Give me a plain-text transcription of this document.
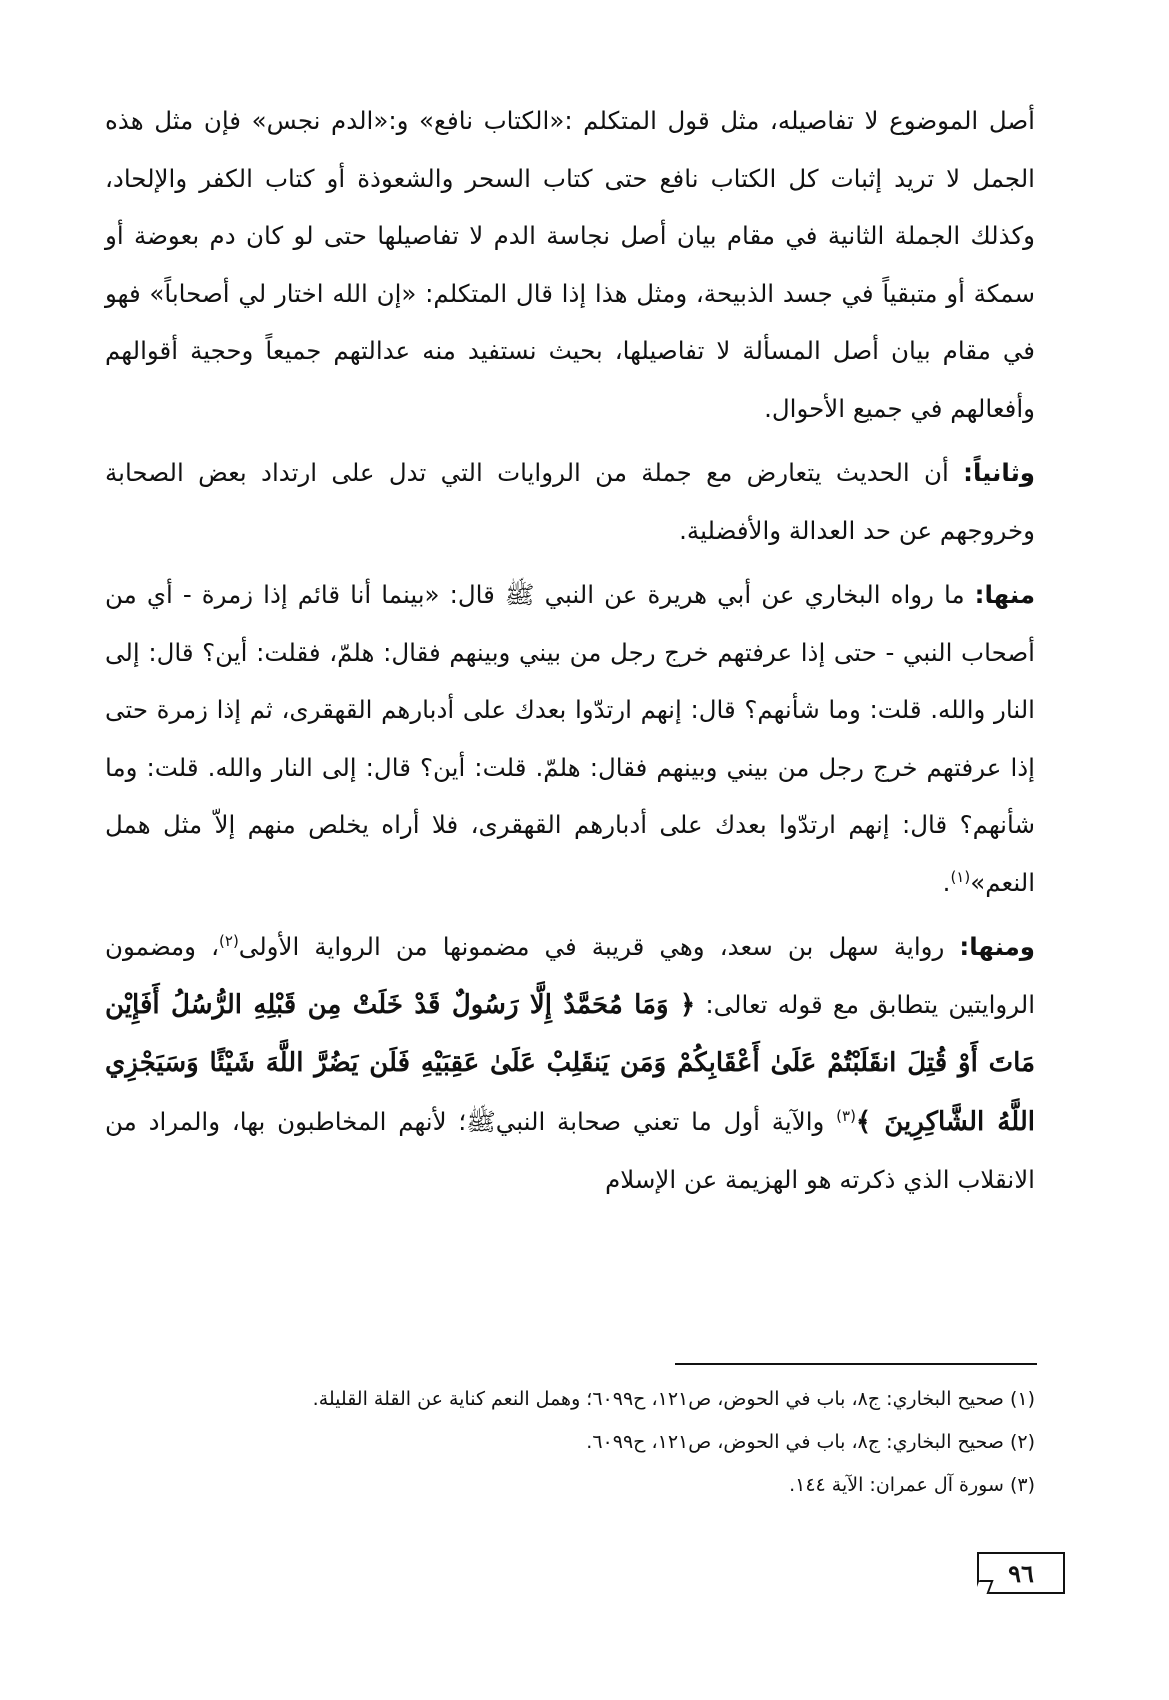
أصل الموضوع لا تفاصيله، مثل قول المتكلم :«الكتاب نافع» و:«الدم نجس» فإن مثل هذه الجمل لا تريد إثبات كل الكتاب نافع حتى كتاب السحر والشعوذة أو كتاب الكفر والإلحاد، وكذلك الجملة الثانية في مقام بيان أصل نجاسة الدم لا تفاصيلها حتى لو كان دم بعوضة أو سمكة أو متبقياً في جسد الذبيحة، ومثل هذا إذا قال المتكلم: «إن الله اختار لي أصحاباً» فهو في مقام بيان أصل المسألة لا تفاصيلها، بحيث نستفيد منه عدالتهم جميعاً وحجية أقوالهم وأفعالهم في جميع الأحوال.

وثانياً: أن الحديث يتعارض مع جملة من الروايات التي تدل على ارتداد بعض الصحابة وخروجهم عن حد العدالة والأفضلية.

منها: ما رواه البخاري عن أبي هريرة عن النبي ﷺ قال: «بينما أنا قائم إذا زمرة - أي من أصحاب النبي - حتى إذا عرفتهم خرج رجل من بيني وبينهم فقال: هلمّ، فقلت: أين؟ قال: إلى النار والله. قلت: وما شأنهم؟ قال: إنهم ارتدّوا بعدك على أدبارهم القهقرى، ثم إذا زمرة حتى إذا عرفتهم خرج رجل من بيني وبينهم فقال: هلمّ. قلت: أين؟ قال: إلى النار والله. قلت: وما شأنهم؟ قال: إنهم ارتدّوا بعدك على أدبارهم القهقرى، فلا أراه يخلص منهم إلاّ مثل همل النعم»$^{(١)}$.

ومنها: رواية سهل بن سعد، وهي قريبة في مضمونها من الرواية الأولى$^{(٢)}$، ومضمون الروايتين يتطابق مع قوله تعالى: ﴿ وَمَا مُحَمَّدٌ إِلَّا رَسُولٌ قَدْ خَلَتْ مِن قَبْلِهِ الرُّسُلُ أَفَإِيْن مَاتَ أَوْ قُتِلَ انقَلَبْتُمْ عَلَىٰ أَعْقَابِكُمْ وَمَن يَنقَلِبْ عَلَىٰ عَقِبَيْهِ فَلَن يَضُرَّ اللَّهَ شَيْئًا وَسَيَجْزِي اللَّهُ الشَّاكِرِينَ ﴾$^{(٣)}$ والآية أول ما تعني صحابة النبيﷺ؛ لأنهم المخاطبون بها، والمراد من الانقلاب الذي ذكرته هو الهزيمة عن الإسلام

(١) صحيح البخاري: ج٨، باب في الحوض، ص١٢١، ح٦٠٩٩؛ وهمل النعم كناية عن القلة القليلة.
(٢) صحيح البخاري: ج٨، باب في الحوض، ص١٢١، ح٦٠٩٩.
(٣) سورة آل عمران: الآية ١٤٤.
٩٦
